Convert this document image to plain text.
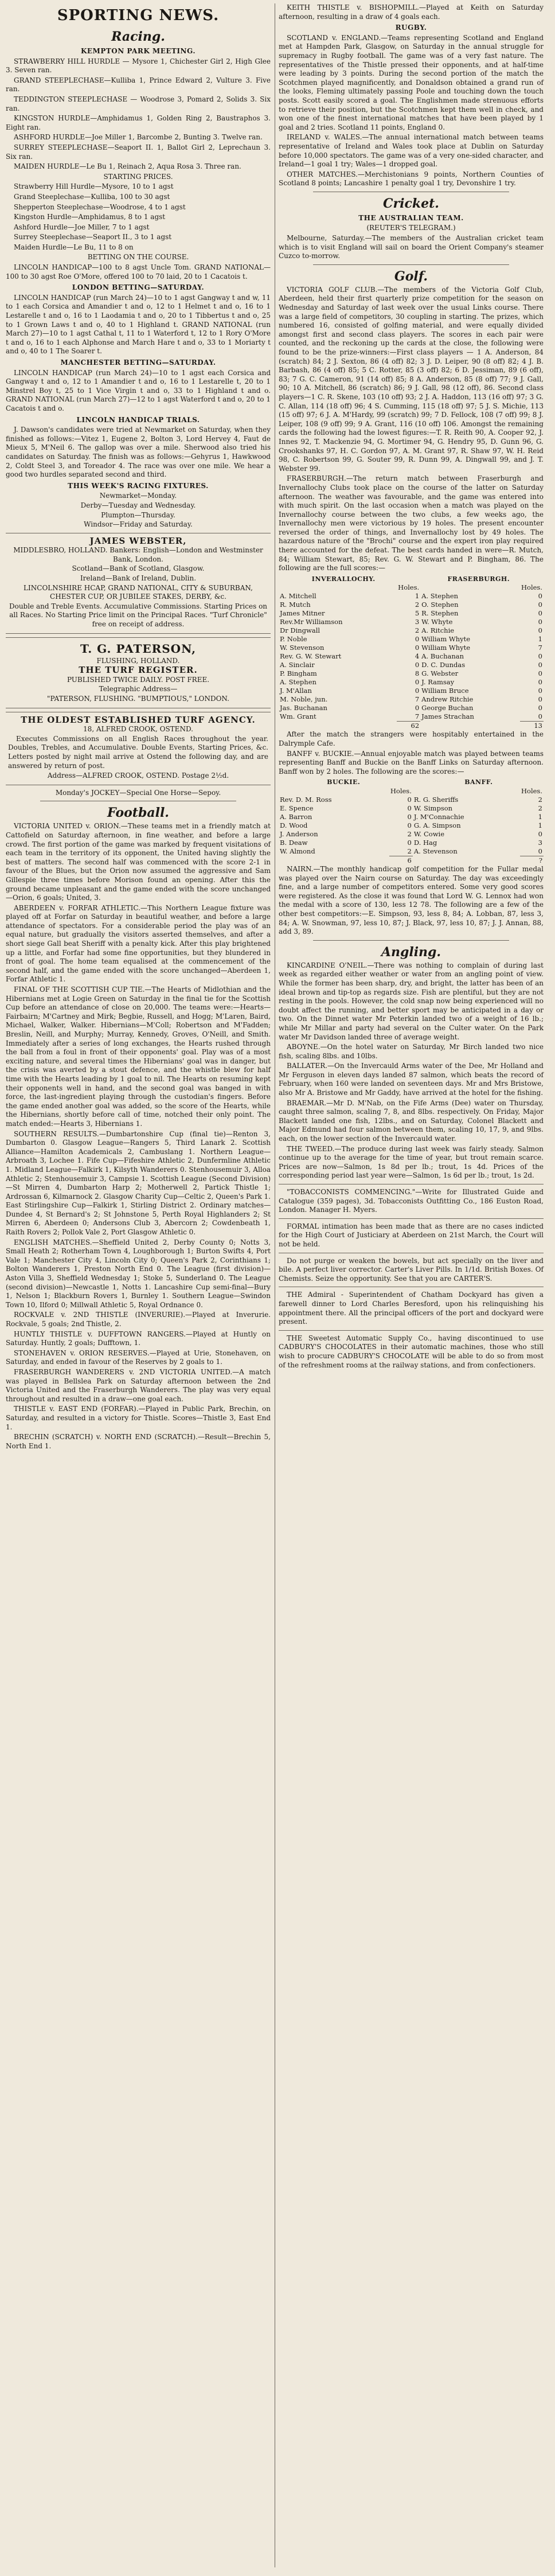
SPORTING NEWS.
Racing.
KEMPTON PARK MEETING.

STRAWBERRY HILL HURDLE — Mysore 1, Chichester Girl 2, High Glee 3. Seven ran.

GRAND STEEPLECHASE—Kulliba 1, Prince Edward 2, Vulture 3. Five ran.

TEDDINGTON STEEPLECHASE — Woodrose 3, Pomard 2, Solids 3. Six ran.

KINGSTON HURDLE—Amphidamus 1, Golden Ring 2, Baustraphos 3. Eight ran.

ASHFORD HURDLE—Joe Miller 1, Barcombe 2, Bunting 3. Twelve ran.

SURREY STEEPLECHASE—Seaport II. 1, Ballot Girl 2, Leprechaun 3. Six ran.

MAIDEN HURDLE—Le Bu 1, Reinach 2, Aqua Rosa 3. Three ran.

STARTING PRICES.

Strawberry Hill Hurdle—Mysore, 10 to 1 agst

Grand Steeplechase—Kulliba, 100 to 30 agst

Shepperton Steeplechase—Woodrose, 4 to 1 agst

Kingston Hurdle—Amphidamus, 8 to 1 agst

Ashford Hurdle—Joe Miller, 7 to 1 agst

Surrey Steeplechase—Seaport II., 3 to 1 agst

Maiden Hurdle—Le Bu, 11 to 8 on

BETTING ON THE COURSE.

LINCOLN HANDICAP—100 to 8 agst Uncle Tom. GRAND NATIONAL—100 to 30 agst Roe O'More, offered 100 to 70 laid, 20 to 1 Cacatois t.

LONDON BETTING—SATURDAY.

LINCOLN HANDICAP (run March 24)—10 to 1 agst Gangway t and w, 11 to 1 each Corsica and Amandier t and o, 12 to 1 Helmet t and o, 16 to 1 Lestarelle t and o, 16 to 1 Laodamia t and o, 20 to 1 Tibbertus t and o, 25 to 1 Grown Laws t and o, 40 to 1 Highland t. GRAND NATIONAL (run March 27)—10 to 1 agst Cathal t, 11 to 1 Waterford t, 12 to 1 Rory O'More t and o, 16 to 1 each Alphonse and March Hare t and o, 33 to 1 Moriarty t and o, 40 to 1 The Soarer t.

MANCHESTER BETTING—SATURDAY.

LINCOLN HANDICAP (run March 24)—10 to 1 agst each Corsica and Gangway t and o, 12 to 1 Amandier t and o, 16 to 1 Lestarelle t, 20 to 1 Minstrel Boy t, 25 to 1 Vice Virgin t and o, 33 to 1 Highland t and o. GRAND NATIONAL (run March 27)—12 to 1 agst Waterford t and o, 20 to 1 Cacatois t and o.

LINCOLN HANDICAP TRIALS.

J. Dawson's candidates were tried at Newmarket on Saturday, when they finished as follows:—Vitez 1, Eugene 2, Bolton 3, Lord Hervey 4, Faut de Mieux 5, M'Neil 6. The gallop was over a mile. Sherwood also tried his candidates on Saturday. The finish was as follows:—Gehyrus 1, Hawkwood 2, Coldt Steel 3, and Toreador 4. The race was over one mile. We hear a good two hurdles separated second and third.

THIS WEEK'S RACING FIXTURES.
Newmarket—Monday.
Derby—Tuesday and Wednesday.
Plumpton—Thursday.
Windsor—Friday and Saturday.
JAMES WEBSTER,
MIDDLESBRO, HOLLAND. Bankers: English—London and Westminster Bank, London.
Scotland—Bank of Scotland, Glasgow.
Ireland—Bank of Ireland, Dublin.
LINCOLNSHIRE HCAP, GRAND NATIONAL, CITY & SUBURBAN, CHESTER CUP, OR JUBILEE STAKES, DERBY, &c.
Double and Treble Events. Accumulative Commissions. Starting Prices on all Races. No Starting Price limit on the Principal Races. "Turf Chronicle" free on receipt of address.
T. G. PATERSON,
FLUSHING, HOLLAND.
THE TURF REGISTER.
PUBLISHED TWICE DAILY. POST FREE.
Telegraphic Address—
"PATERSON, FLUSHING. "BUMPTIOUS," LONDON.
THE OLDEST ESTABLISHED TURF AGENCY.
18, ALFRED CROOK, OSTEND.

Executes Commissions on all English Races throughout the year. Doubles, Trebles, and Accumulative. Double Events, Starting Prices, &c. Letters posted by night mail arrive at Ostend the following day, and are answered by return of post.

Address—ALFRED CROOK, OSTEND. Postage 2½d.
Monday's JOCKEY—Special One Horse—Sepoy.
Football.

VICTORIA UNITED v. ORION.—These teams met in a friendly match at Cattofield on Saturday afternoon, in fine weather, and before a large crowd. The first portion of the game was marked by frequent visitations of each team in the territory of its opponent, the United having slightly the best of matters. The second half was commenced with the score 2-1 in favour of the Blues, but the Orion now assumed the aggressive and Sam Gillespie three times before Morison found an opening. After this the ground became unpleasant and the game ended with the score unchanged—Orion, 6 goals; United, 3.

ABERDEEN v. FORFAR ATHLETIC.—This Northern League fixture was played off at Forfar on Saturday in beautiful weather, and before a large attendance of spectators. For a considerable period the play was of an equal nature, but gradually the visitors asserted themselves, and after a short siege Gall beat Sheriff with a penalty kick. After this play brightened up a little, and Forfar had some fine opportunities, but they blundered in front of goal. The home team equalised at the commencement of the second half, and the game ended with the score unchanged—Aberdeen 1, Forfar Athletic 1.

FINAL OF THE SCOTTISH CUP TIE.—The Hearts of Midlothian and the Hibernians met at Logie Green on Saturday in the final tie for the Scottish Cup before an attendance of close on 20,000. The teams were:—Hearts—Fairbairn; M'Cartney and Mirk; Begbie, Russell, and Hogg; M'Laren, Baird, Michael, Walker, Walker. Hibernians—M'Coll; Robertson and M'Fadden; Breslin, Neill, and Murphy; Murray, Kennedy, Groves, O'Neill, and Smith. Immediately after a series of long exchanges, the Hearts rushed through the ball from a foul in front of their opponents' goal. Play was of a most exciting nature, and several times the Hibernians' goal was in danger, but the crisis was averted by a stout defence, and the whistle blew for half time with the Hearts leading by 1 goal to nil. The Hearts on resuming kept their opponents well in hand, and the second goal was banged in with force, the last-ingredient playing through the custodian's fingers. Before the game ended another goal was added, so the score of the Hearts, while the Hibernians, shortly before call of time, notched their only point. The match ended:—Hearts 3, Hibernians 1.

SOUTHERN RESULTS.—Dumbartonshire Cup (final tie)—Renton 3, Dumbarton 0. Glasgow League—Rangers 5, Third Lanark 2. Scottish Alliance—Hamilton Academicals 2, Cambuslang 1. Northern League—Arbroath 3, Lochee 1. Fife Cup—Fifeshire Athletic 2, Dunfermline Athletic 1. Midland League—Falkirk 1, Kilsyth Wanderers 0. Stenhousemuir 3, Alloa Athletic 2; Stenhousemuir 3, Campsie 1. Scottish League (Second Division)—St Mirren 4, Dumbarton Harp 2; Motherwell 2, Partick Thistle 1; Ardrossan 6, Kilmarnock 2. Glasgow Charity Cup—Celtic 2, Queen's Park 1. East Stirlingshire Cup—Falkirk 1, Stirling District 2. Ordinary matches—Dundee 4, St Bernard's 2; St Johnstone 5, Perth Royal Highlanders 2; St Mirren 6, Aberdeen 0; Andersons Club 3, Abercorn 2; Cowdenbeath 1, Raith Rovers 2; Pollok Vale 2, Port Glasgow Athletic 0.

ENGLISH MATCHES.—Sheffield United 2, Derby County 0; Notts 3, Small Heath 2; Rotherham Town 4, Loughborough 1; Burton Swifts 4, Port Vale 1; Manchester City 4, Lincoln City 0; Queen's Park 2, Corinthians 1; Bolton Wanderers 1, Preston North End 0. The League (first division)—Aston Villa 3, Sheffield Wednesday 1; Stoke 5, Sunderland 0. The League (second division)—Newcastle 1, Notts 1. Lancashire Cup semi-final—Bury 1, Nelson 1; Blackburn Rovers 1, Burnley 1. Southern League—Swindon Town 10, Ilford 0; Millwall Athletic 5, Royal Ordnance 0.

ROCKVALE v. 2ND THISTLE (INVERURIE).—Played at Inverurie. Rockvale, 5 goals; 2nd Thistle, 2.

HUNTLY THISTLE v. DUFFTOWN RANGERS.—Played at Huntly on Saturday. Huntly, 2 goals; Dufftown, 1.

STONEHAVEN v. ORION RESERVES.—Played at Urie, Stonehaven, on Saturday, and ended in favour of the Reserves by 2 goals to 1.

FRASERBURGH WANDERERS v. 2ND VICTORIA UNITED.—A match was played in Bellslea Park on Saturday afternoon between the 2nd Victoria United and the Fraserburgh Wanderers. The play was very equal throughout and resulted in a draw—one goal each.

THISTLE v. EAST END (FORFAR).—Played in Public Park, Brechin, on Saturday, and resulted in a victory for Thistle. Scores—Thistle 3, East End 1.

BRECHIN (SCRATCH) v. NORTH END (SCRATCH).—Result—Brechin 5, North End 1.

KEITH THISTLE v. BISHOPMILL.—Played at Keith on Saturday afternoon, resulting in a draw of 4 goals each.

RUGBY.

SCOTLAND v. ENGLAND.—Teams representing Scotland and England met at Hampden Park, Glasgow, on Saturday in the annual struggle for supremacy in Rugby football. The game was of a very fast nature. The representatives of the Thistle pressed their opponents, and at half-time were leading by 3 points. During the second portion of the match the Scotchmen played magnificently, and Donaldson obtained a grand run of the looks, Fleming ultimately passing Poole and touching down the touch posts. Scott easily scored a goal. The Englishmen made strenuous efforts to retrieve their position, but the Scotchmen kept them well in check, and won one of the finest international matches that have been played by 1 goal and 2 tries. Scotland 11 points, England 0.

IRELAND v. WALES.—The annual international match between teams representative of Ireland and Wales took place at Dublin on Saturday before 10,000 spectators. The game was of a very one-sided character, and Ireland—1 goal 1 try; Wales—1 dropped goal.

OTHER MATCHES.—Merchistonians 9 points, Northern Counties of Scotland 8 points; Lancashire 1 penalty goal 1 try, Devonshire 1 try.

Cricket.
THE AUSTRALIAN TEAM.
(REUTER'S TELEGRAM.)

Melbourne, Saturday.—The members of the Australian cricket team which is to visit England will sail on board the Orient Company's steamer Cuzco to-morrow.

Golf.

VICTORIA GOLF CLUB.—The members of the Victoria Golf Club, Aberdeen, held their first quarterly prize competition for the season on Wednesday and Saturday of last week over the usual Links course. There was a large field of competitors, 30 coupling in starting. The prizes, which numbered 16, consisted of golfing material, and were equally divided amongst first and second class players. The scores in each pair were counted, and the reckoning up the cards at the close, the following were found to be the prize-winners:—First class players — 1 A. Anderson, 84 (scratch) 84; 2 J. Sexton, 86 (4 off) 82; 3 J. D. Leiper, 90 (8 off) 82; 4 J. B. Barbash, 86 (4 off) 85; 5 C. Rotter, 85 (3 off) 82; 6 D. Jessiman, 89 (6 off), 83; 7 G. C. Cameron, 91 (14 off) 85; 8 A. Anderson, 85 (8 off) 77; 9 J. Gall, 90; 10 A. Mitchell, 86 (scratch) 86; 9 J. Gall, 98 (12 off), 86. Second class players—1 C. R. Skene, 103 (10 off) 93; 2 J. A. Haddon, 113 (16 off) 97; 3 G. C. Allan, 114 (18 off) 96; 4 S. Cumming, 115 (18 off) 97; 5 J. S. Michie, 113 (15 off) 97; 6 J. A. M'Hardy, 99 (scratch) 99; 7 D. Fellock, 108 (7 off) 99; 8 J. Leiper, 108 (9 off) 99; 9 A. Grant, 116 (10 off) 106. Amongst the remaining cards the following had the lowest figures:—T. R. Reith 90, A. Cooper 92, J. Innes 92, T. Mackenzie 94, G. Mortimer 94, G. Hendry 95, D. Gunn 96, G. Crookshanks 97, H. C. Gordon 97, A. M. Grant 97, R. Shaw 97, W. H. Reid 98, C. Robertson 99, G. Souter 99, R. Dunn 99, A. Dingwall 99, and J. T. Webster 99.

FRASERBURGH.—The return match between Fraserburgh and Invernallochy Clubs took place on the course of the latter on Saturday afternoon. The weather was favourable, and the game was entered into with much spirit. On the last occasion when a match was played on the Invernallochy course between the two clubs, a few weeks ago, the Invernallochy men were victorious by 19 holes. The present encounter reversed the order of things, and Invernallochy lost by 49 holes. The hazardous nature of the "Brochi" course and the expert iron play required there accounted for the defeat. The best cards handed in were—R. Mutch, 84; William Stewart, 85; Rev. G. W. Stewart and P. Bingham, 86. The following are the full scores:—

INVERALLOCHY.	FRASERBURGH.
	Holes.		Holes.
A. Mitchell	1	A. Stephen	0
R. Mutch	2	O. Stephen	0
James Mitner	5	R. Stephen	0
Rev.Mr Williamson	3	W. Whyte	0
Dr Dingwall	2	A. Ritchie	0
P. Noble	0	William Whyte	1
W. Stevenson	0	William Whyte	7
Rev. G. W. Stewart	4	A. Buchanan	0
A. Sinclair	0	D. C. Dundas	0
P. Bingham	8	G. Webster	0
A. Stephen	0	J. Ramsay	0
J. M'Allan	0	William Bruce	0
M. Noble, jun.	7	Andrew Ritchie	0
Jas. Buchanan	0	George Buchan	0
Wm. Grant	7	James Strachan	0
	62		13

After the match the strangers were hospitably entertained in the Dalrymple Cafe.

BANFF v. BUCKIE.—Annual enjoyable match was played between teams representing Banff and Buckie on the Banff Links on Saturday afternoon. Banff won by 2 holes. The following are the scores:—

BUCKIE.	BANFF.
	Holes.		Holes.
Rev. D. M. Ross	0	R. G. Sheriffs	2
E. Spence	0	W. Simpson	2
A. Barron	0	J. M'Connachie	1
D. Wood	0	G. A. Simpson	1
J. Anderson	2	W. Cowie	0
B. Deaw	0	D. Hag	3
W. Almond	2	A. Stevenson	0
	6		?

NAIRN.—The monthly handicap golf competition for the Fullar medal was played over the Nairn course on Saturday. The day was exceedingly fine, and a large number of competitors entered. Some very good scores were registered. As the close it was found that Lord W. G. Lennox had won the medal with a score of 130, less 12 78. The following are a few of the other best competitors:—E. Simpson, 93, less 8, 84; A. Lobban, 87, less 3, 84; A. W. Snowman, 97, less 10, 87; J. Black, 97, less 10, 87; J. J. Annan, 88, add 3, 89.

Angling.

KINCARDINE O'NEIL.—There was nothing to complain of during last week as regarded either weather or water from an angling point of view. While the former has been sharp, dry, and bright, the latter has been of an ideal brown and tip-top as regards size. Fish are plentiful, but they are not resting in the pools. However, the cold snap now being experienced will no doubt affect the running, and better sport may be anticipated in a day or two. On the Dinnet water Mr Peterkin landed two of a weight of 16 lb.; while Mr Millar and party had several on the Culter water. On the Park water Mr Davidson landed three of average weight.

ABOYNE.—On the hotel water on Saturday, Mr Birch landed two nice fish, scaling 8lbs. and 10lbs.

BALLATER.—On the Invercauld Arms water of the Dee, Mr Holland and Mr Ferguson in eleven days landed 87 salmon, which beats the record of February, when 160 were landed on seventeen days. Mr and Mrs Bristowe, also Mr A. Bristowe and Mr Gaddy, have arrived at the hotel for the fishing.

BRAEMAR.—Mr D. M'Nab, on the Fife Arms (Dee) water on Thursday, caught three salmon, scaling 7, 8, and 8lbs. respectively. On Friday, Major Blackett landed one fish, 12lbs., and on Saturday, Colonel Blackett and Major Edmund had four salmon between them, scaling 10, 17, 9, and 9lbs. each, on the lower section of the Invercauld water.

THE TWEED.—The produce during last week was fairly steady. Salmon continue up to the average for the time of year, but trout remain scarce. Prices are now—Salmon, 1s 8d per lb.; trout, 1s 4d. Prices of the corresponding period last year were—Salmon, 1s 6d per lb.; trout, 1s 2d.

"TOBACCONISTS COMMENCING."—Write for Illustrated Guide and Catalogue (359 pages), 3d. Tobacconists Outfitting Co., 186 Euston Road, London. Manager H. Myers.

FORMAL intimation has been made that as there are no cases indicted for the High Court of Justiciary at Aberdeen on 21st March, the Court will not be held.

Do not purge or weaken the bowels, but act specially on the liver and bile. A perfect liver corrector. Carter's Liver Pills. In 1/1d. British Boxes. Of Chemists. Seize the opportunity. See that you are CARTER'S.

THE Admiral - Superintendent of Chatham Dockyard has given a farewell dinner to Lord Charles Beresford, upon his relinquishing his appointment there. All the principal officers of the port and dockyard were present.

THE Sweetest Automatic Supply Co., having discontinued to use CADBURY'S CHOCOLATES in their automatic machines, those who still wish to procure CADBURY'S CHOCOLATE will be able to do so from most of the refreshment rooms at the railway stations, and from confectioners.
